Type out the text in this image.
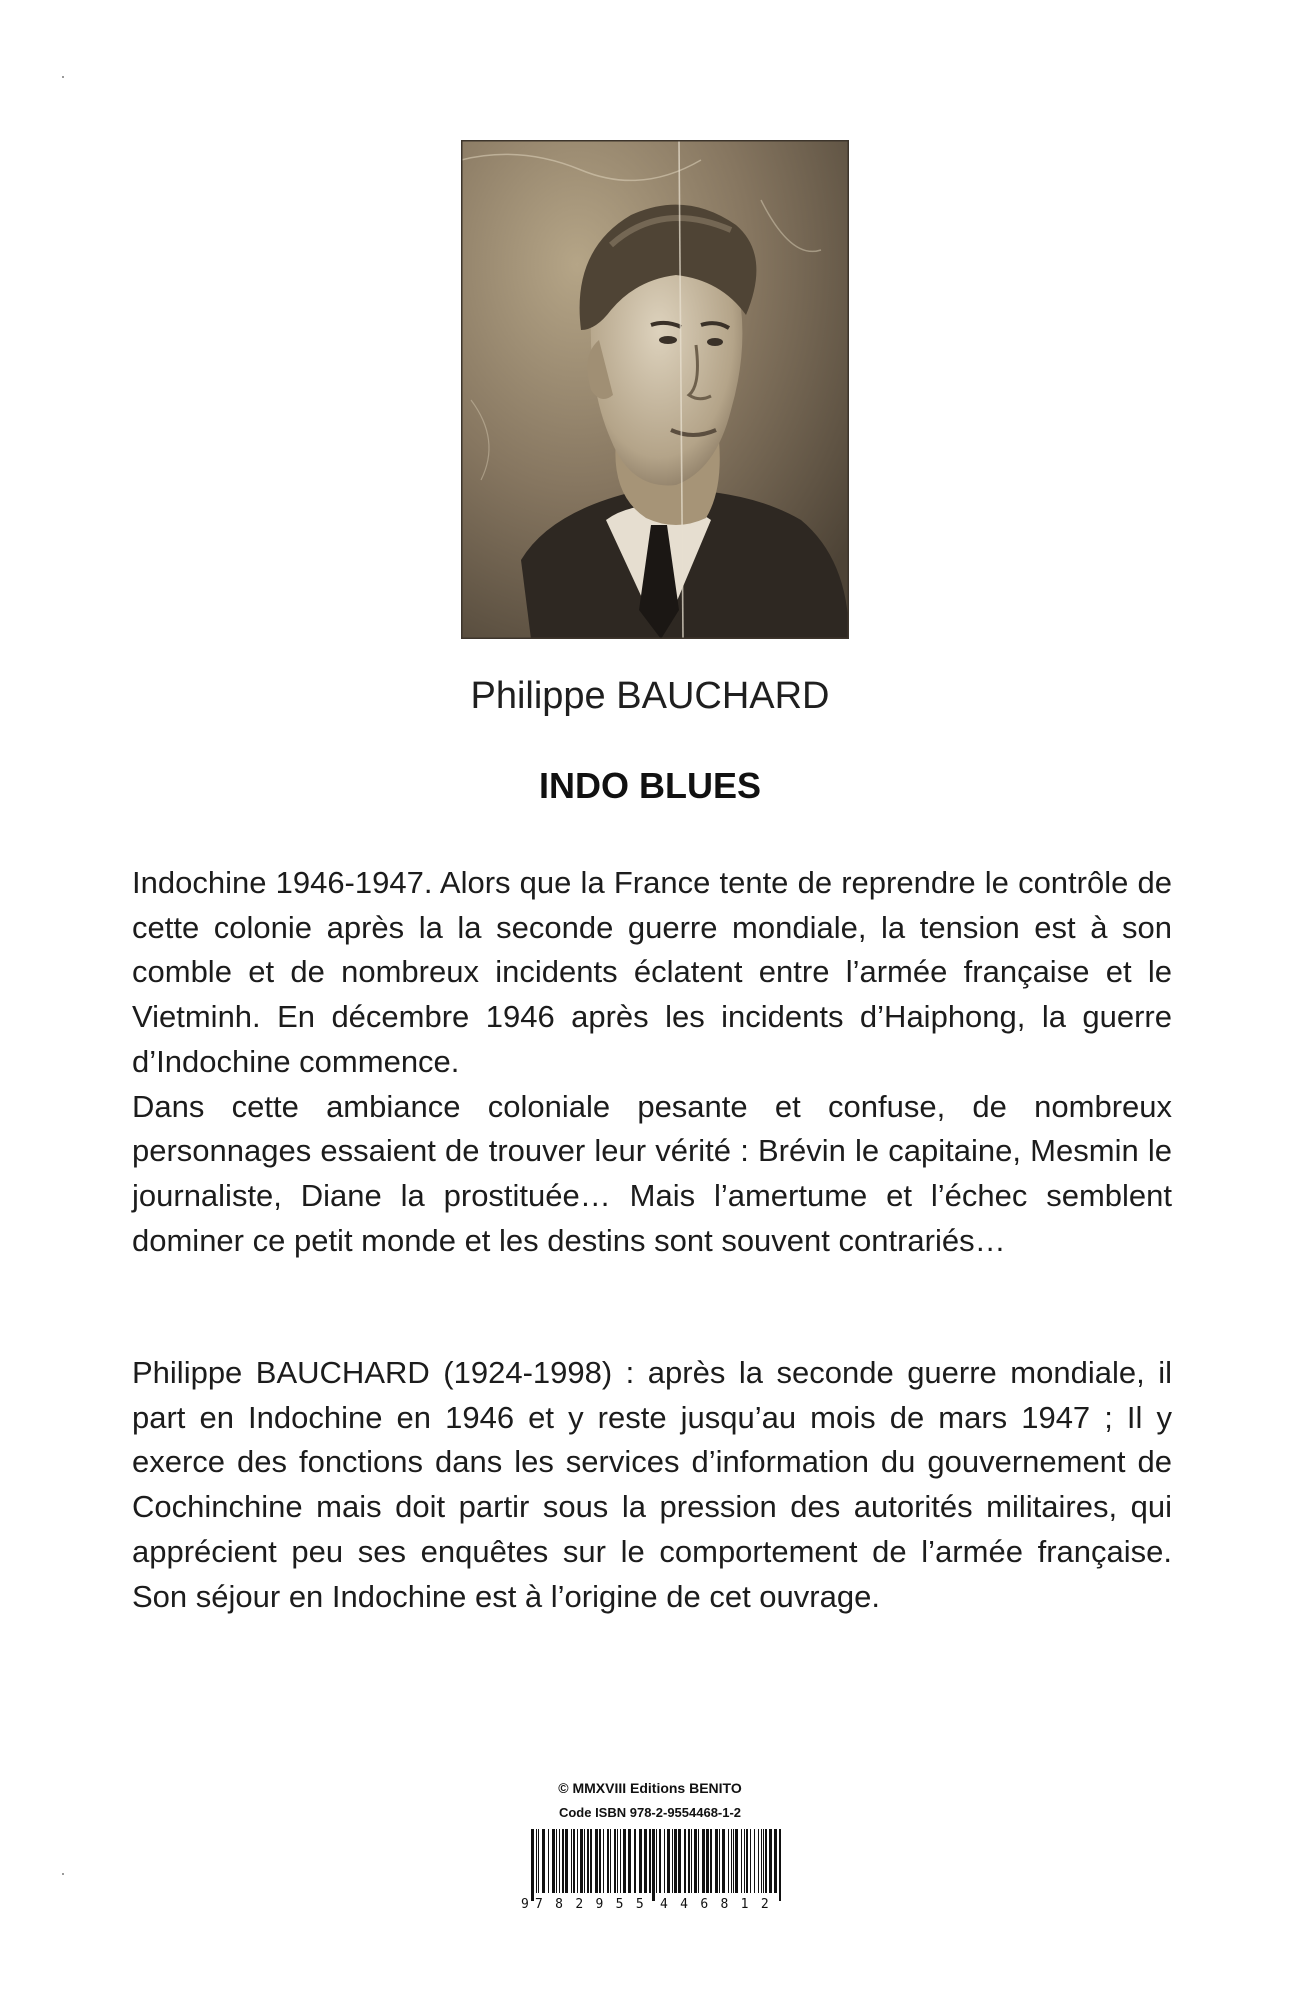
Philippe BAUCHARD
INDO BLUES

Indochine 1946-1947. Alors que la France tente de reprendre le contrôle de cette colonie après la la seconde guerre mondiale, la tension est à son comble et de nombreux incidents éclatent entre l’armée française et le Vietminh. En décembre 1946 après les incidents d’Haiphong, la guerre d’Indochine commence.

Dans cette ambiance coloniale pesante et confuse, de nombreux personnages essaient de trouver leur vérité : Brévin le capitaine, Mesmin le journaliste, Diane la prostituée… Mais l’amertume et l’échec semblent dominer ce petit monde et les destins sont souvent contrariés…

Philippe BAUCHARD (1924-1998) : après la seconde guerre mondiale, il part en Indochine en 1946 et y reste jusqu’au mois de mars 1947 ; Il y exerce des fonctions dans les services d’information du gouvernement de Cochinchine mais doit partir sous la pression des autorités militaires, qui apprécient peu ses enquêtes sur le comportement de l’armée française. Son séjour en Indochine est à l’origine de cet ouvrage.

© MMXVIII Editions BENITO
Code ISBN 978-2-9554468-1-2
9 7 8 2 9 5 5 4 4 6 8 1 2
